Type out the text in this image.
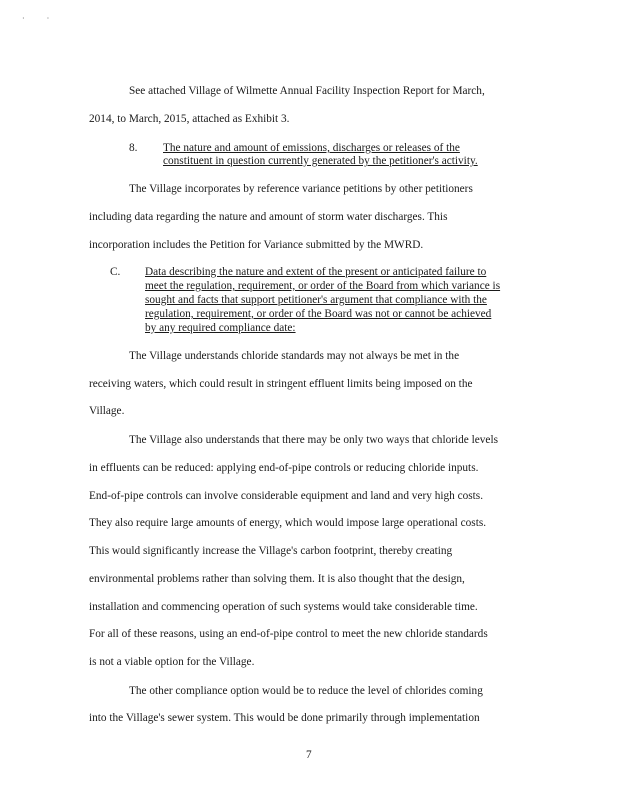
· ·
See attached Village of Wilmette Annual Facility Inspection Report for March,
2014, to March, 2015, attached as Exhibit 3.
8. The nature and amount of emissions, discharges or releases of the
constituent in question currently generated by the petitioner's activity.
The Village incorporates by reference variance petitions by other petitioners
including data regarding the nature and amount of storm water discharges. This
incorporation includes the Petition for Variance submitted by the MWRD.
C. Data describing the nature and extent of the present or anticipated failure to
meet the regulation, requirement, or order of the Board from which variance is
sought and facts that support petitioner's argument that compliance with the
regulation, requirement, or order of the Board was not or cannot be achieved
by any required compliance date:
The Village understands chloride standards may not always be met in the
receiving waters, which could result in stringent effluent limits being imposed on the
Village.
The Village also understands that there may be only two ways that chloride levels
in effluents can be reduced: applying end-of-pipe controls or reducing chloride inputs.
End-of-pipe controls can involve considerable equipment and land and very high costs.
They also require large amounts of energy, which would impose large operational costs.
This would significantly increase the Village's carbon footprint, thereby creating
environmental problems rather than solving them. It is also thought that the design,
installation and commencing operation of such systems would take considerable time.
For all of these reasons, using an end-of-pipe control to meet the new chloride standards
is not a viable option for the Village.
The other compliance option would be to reduce the level of chlorides coming
into the Village's sewer system. This would be done primarily through implementation
7
